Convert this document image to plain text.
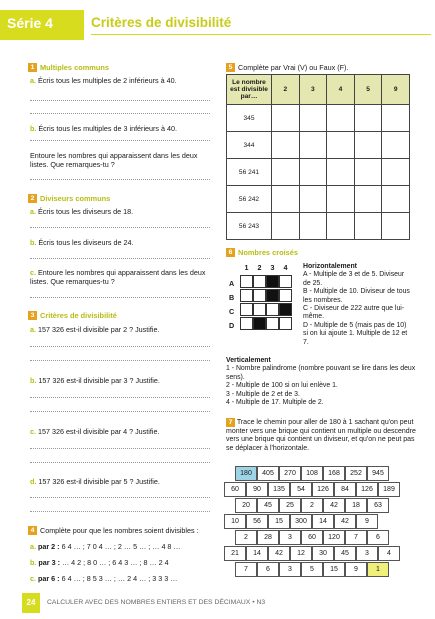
Série 4	Critères de divisibilité
1 Multiples communs
a. Écris tous les multiples de 2 inférieurs à 40.
b. Écris tous les multiples de 3 inférieurs à 40.
Entoure les nombres qui apparaissent dans les deux listes. Que remarques-tu ?
2 Diviseurs communs
a. Écris tous les diviseurs de 18.
b. Écris tous les diviseurs de 24.
c. Entoure les nombres qui apparaissent dans les deux listes. Que remarques-tu ?
3 Critères de divisibilité
a. 157 326 est-il divisible par 2 ? Justifie.
b. 157 326 est-il divisible par 3 ? Justifie.
c. 157 326 est-il divisible par 4 ? Justifie.
d. 157 326 est-il divisible par 5 ? Justifie.
4 Complète pour que les nombres soient divisibles :
a. par 2 : 6 4 … ; 7 0 4 … ; 2 … 5 … ; … 4 8 …
b. par 3 : … 4 2 ; 8 0 … ; 6 4 3 … ; 8 … 2 4
c. par 6 : 6 4 … ; 8 5 3 … ; … 2 4 … ; 3 3 3 …
5 Complète par Vrai (V) ou Faux (F).
Le nombre est divisible par…	2	3	4	5	9
345					
344					
56 241					
56 242					
56 243					
6 Nombres croisés
1	2	3	4
A
B
C
D
Horizontalement
A - Multiple de 3 et de 5. Diviseur de 25.
B - Multiple de 10. Diviseur de tous les nombres.
C - Diviseur de 222 autre que lui-même.
D - Multiple de 5 (mais pas de 10) si on lui ajoute 1. Multiple de 12 et 7.
Verticalement
1 - Nombre palindrome (nombre pouvant se lire dans les deux sens).
2 - Multiple de 100 si on lui enlève 1.
3 - Multiple de 2 et de 3.
4 - Multiple de 17. Multiple de 2.
7 Trace le chemin pour aller de 180 à 1 sachant qu'on peut monter vers une brique qui contient un multiple ou descendre vers une brique qui contient un diviseur, et qu'on ne peut pas se déplacer à l'horizontale.
180	405	270	108	168	252	945
60	90	135	54	126	84	126	189
20	45	25	2	42	18	63
10	56	15	300	14	42	9
2	28	3	60	120	7	6
21	14	42	12	30	45	3	4
7	6	3	5	15	9	1
24	CALCULER AVEC DES NOMBRES ENTIERS ET DES DÉCIMAUX • N3
